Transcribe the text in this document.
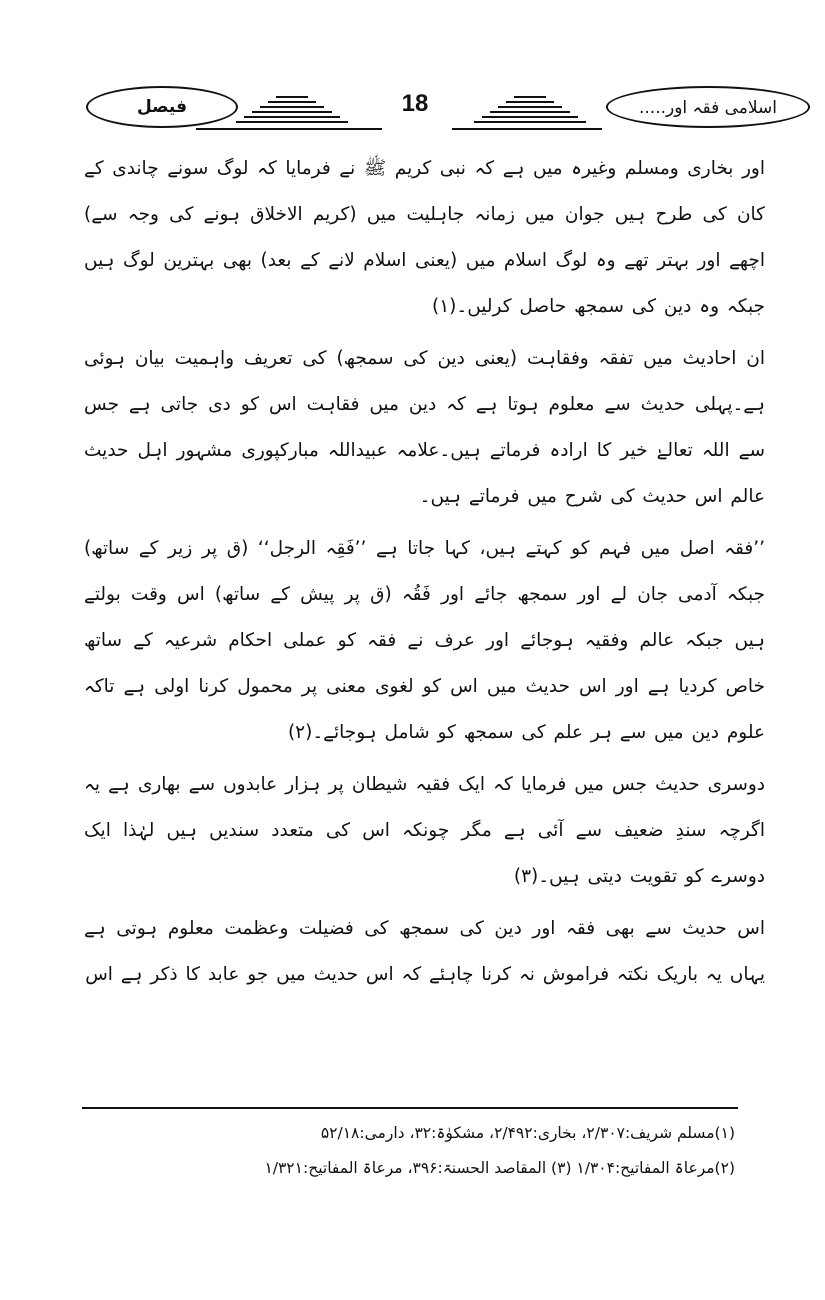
اسلامی فقہ اور.....
18
فیصل

اور بخاری ومسلم وغیرہ میں ہے کہ نبی کریم ﷺ نے فرمایا کہ لوگ سونے چاندی کے کان کی طرح ہیں جوان میں زمانہ جاہلیت میں (کریم الاخلاق ہونے کی وجہ سے) اچھے اور بہتر تھے وہ لوگ اسلام میں (یعنی اسلام لانے کے بعد) بھی بہترین لوگ ہیں جبکہ وہ دین کی سمجھ حاصل کرلیں۔(۱)

ان احادیث میں تفقہ وفقاہت (یعنی دین کی سمجھ) کی تعریف واہمیت بیان ہوئی ہے۔پہلی حدیث سے معلوم ہوتا ہے کہ دین میں فقاہت اس کو دی جاتی ہے جس سے اللہ تعالےٰ خیر کا ارادہ فرماتے ہیں۔علامہ عبیداللہ مبارکپوری مشہور اہل حدیث عالم اس حدیث کی شرح میں فرماتے ہیں۔

’’فقہ اصل میں فہم کو کہتے ہیں، کہا جاتا ہے ’’فَقِہ الرجل‘‘ (ق پر زیر کے ساتھ) جبکہ آدمی جان لے اور سمجھ جائے اور فَقُہ (ق پر پیش کے ساتھ) اس وقت بولتے ہیں جبکہ عالم وفقیہ ہوجائے اور عرف نے فقہ کو عملی احکام شرعیہ کے ساتھ خاص کردیا ہے اور اس حدیث میں اس کو لغوی معنی پر محمول کرنا اولی ہے تاکہ علوم دین میں سے ہر علم کی سمجھ کو شامل ہوجائے۔(۲)

دوسری حدیث جس میں فرمایا کہ ایک فقیہ شیطان پر ہزار عابدوں سے بھاری ہے یہ اگرچہ سندِ ضعیف سے آئی ہے مگر چونکہ اس کی متعدد سندیں ہیں لہٰذا ایک دوسرے کو تقویت دیتی ہیں۔(۳)

اس حدیث سے بھی فقہ اور دین کی سمجھ کی فضیلت وعظمت معلوم ہوتی ہے یہاں یہ باریک نکتہ فراموش نہ کرنا چاہئے کہ اس حدیث میں جو عابد کا ذکر ہے اس

(۱)مسلم شریف:۲/۳۰۷، بخاری:۲/۴۹۲، مشکوٰۃ:۳۲، دارمی:۵۲/۱۸

(۲)مرعاۃ المفاتیح:۱/۳۰۴ (۳) المقاصد الحسنۃ:۳۹۶، مرعاۃ المفاتیح:۱/۳۲۱
